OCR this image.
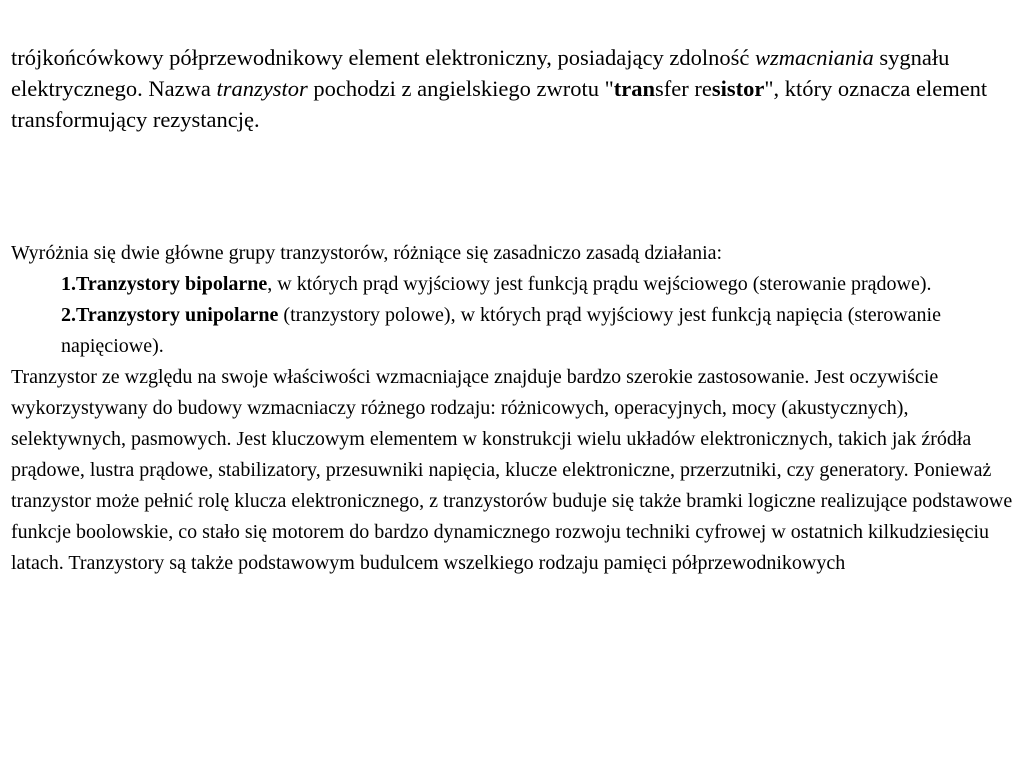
trójkońcówkowy półprzewodnikowy element elektroniczny, posiadający zdolność wzmacniania sygnału elektrycznego. Nazwa tranzystor pochodzi z angielskiego zwrotu "transfer resistor", który oznacza element transformujący rezystancję.

Wyróżnia się dwie główne grupy tranzystorów, różniące się zasadniczo zasadą działania:

1.Tranzystory bipolarne, w których prąd wyjściowy jest funkcją prądu wejściowego (sterowanie prądowe).

2.Tranzystory unipolarne (tranzystory polowe), w których prąd wyjściowy jest funkcją napięcia (sterowanie napięciowe).

Tranzystor ze względu na swoje właściwości wzmacniające znajduje bardzo szerokie zastosowanie. Jest oczywiście wykorzystywany do budowy wzmacniaczy różnego rodzaju: różnicowych, operacyjnych, mocy (akustycznych), selektywnych, pasmowych. Jest kluczowym elementem w konstrukcji wielu układów elektronicznych, takich jak źródła prądowe, lustra prądowe, stabilizatory, przesuwniki napięcia, klucze elektroniczne, przerzutniki, czy generatory. Ponieważ tranzystor może pełnić rolę klucza elektronicznego, z tranzystorów buduje się także bramki logiczne realizujące podstawowe funkcje boolowskie, co stało się motorem do bardzo dynamicznego rozwoju techniki cyfrowej w ostatnich kilkudziesięciu latach. Tranzystory są także podstawowym budulcem wszelkiego rodzaju pamięci półprzewodnikowych
